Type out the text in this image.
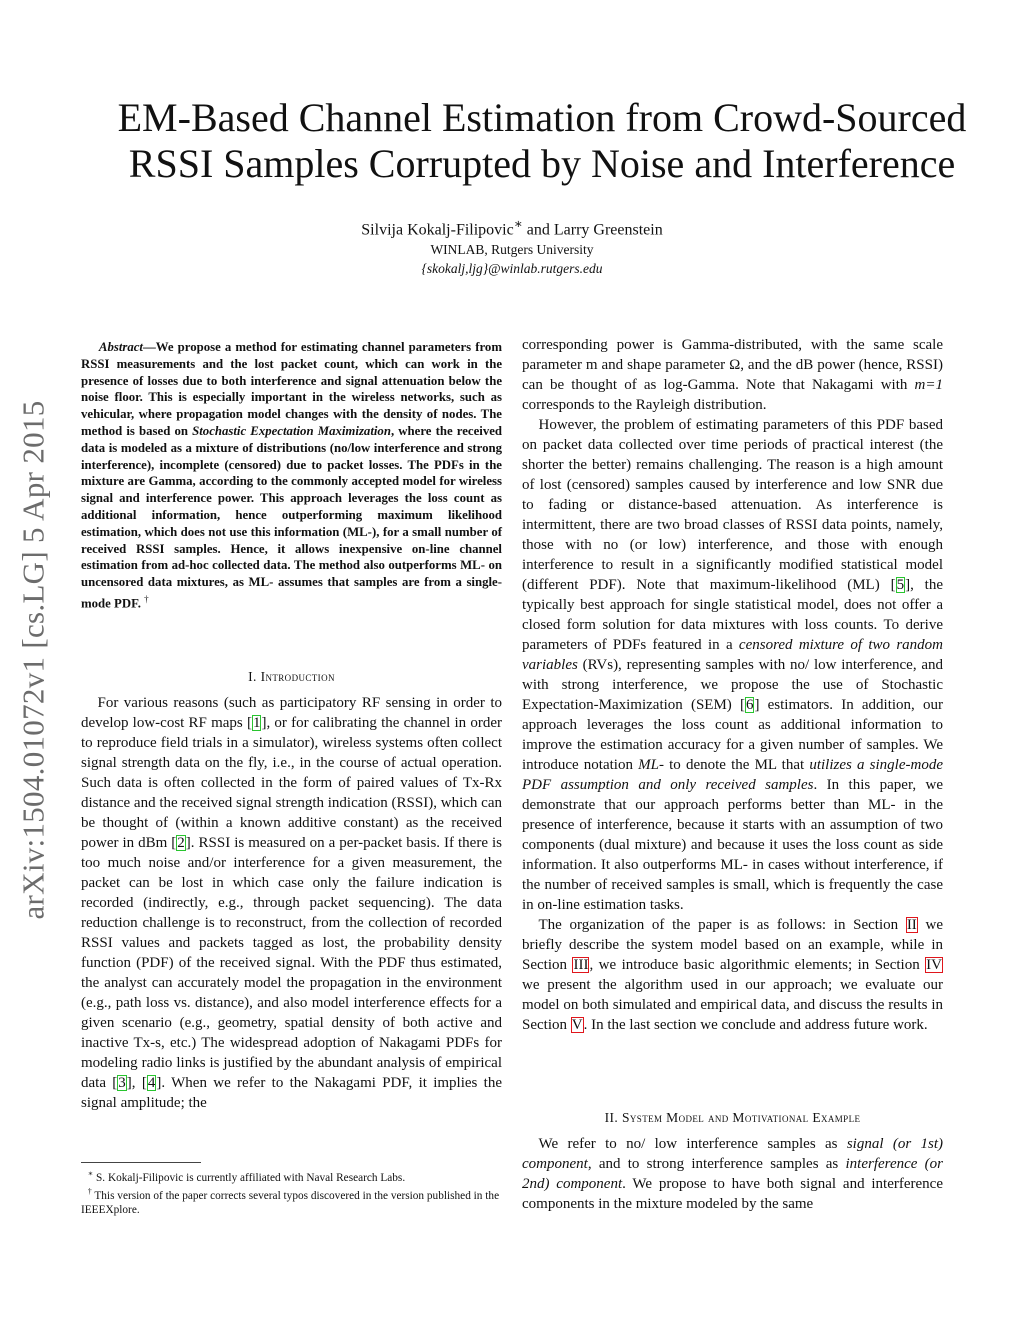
arXiv:1504.01072v1 [cs.LG] 5 Apr 2015
EM-Based Channel Estimation from Crowd-Sourced
RSSI Samples Corrupted by Noise and Interference
Silvija Kokalj-Filipovic∗ and Larry Greenstein
WINLAB, Rutgers University
{skokalj,ljg}@winlab.rutgers.edu

Abstract—We propose a method for estimating channel parameters from RSSI measurements and the lost packet count, which can work in the presence of losses due to both interference and signal attenuation below the noise floor. This is especially important in the wireless networks, such as vehicular, where propagation model changes with the density of nodes. The method is based on Stochastic Expectation Maximization, where the received data is modeled as a mixture of distributions (no/low interference and strong interference), incomplete (censored) due to packet losses. The PDFs in the mixture are Gamma, according to the commonly accepted model for wireless signal and interference power. This approach leverages the loss count as additional information, hence outperforming maximum likelihood estimation, which does not use this information (ML-), for a small number of received RSSI samples. Hence, it allows inexpensive on-line channel estimation from ad-hoc collected data. The method also outperforms ML- on uncensored data mixtures, as ML- assumes that samples are from a single-mode PDF. †

I. Introduction

For various reasons (such as participatory RF sensing in order to develop low-cost RF maps [1], or for calibrating the channel in order to reproduce field trials in a simulator), wireless systems often collect signal strength data on the fly, i.e., in the course of actual operation. Such data is often collected in the form of paired values of Tx-Rx distance and the received signal strength indication (RSSI), which can be thought of (within a known additive constant) as the received power in dBm [2]. RSSI is measured on a per-packet basis. If there is too much noise and/or interference for a given measurement, the packet can be lost in which case only the failure indication is recorded (indirectly, e.g., through packet sequencing). The data reduction challenge is to reconstruct, from the collection of recorded RSSI values and packets tagged as lost, the probability density function (PDF) of the received signal. With the PDF thus estimated, the analyst can accurately model the propagation in the environment (e.g., path loss vs. distance), and also model interference effects for a given scenario (e.g., geometry, spatial density of both active and inactive Tx-s, etc.) The widespread adoption of Nakagami PDFs for modeling radio links is justified by the abundant analysis of empirical data [3], [4]. When we refer to the Nakagami PDF, it implies the signal amplitude; the

∗ S. Kokalj-Filipovic is currently affiliated with Naval Research Labs.

† This version of the paper corrects several typos discovered in the version published in the IEEEXplore.

corresponding power is Gamma-distributed, with the same scale parameter m and shape parameter Ω, and the dB power (hence, RSSI) can be thought of as log-Gamma. Note that Nakagami with m=1 corresponds to the Rayleigh distribution.

However, the problem of estimating parameters of this PDF based on packet data collected over time periods of practical interest (the shorter the better) remains challenging. The reason is a high amount of lost (censored) samples caused by interference and low SNR due to fading or distance-based attenuation. As interference is intermittent, there are two broad classes of RSSI data points, namely, those with no (or low) interference, and those with enough interference to result in a significantly modified statistical model (different PDF). Note that maximum-likelihood (ML) [5], the typically best approach for single statistical model, does not offer a closed form solution for data mixtures with loss counts. To derive parameters of PDFs featured in a censored mixture of two random variables (RVs), representing samples with no/ low interference, and with strong interference, we propose the use of Stochastic Expectation-Maximization (SEM) [6] estimators. In addition, our approach leverages the loss count as additional information to improve the estimation accuracy for a given number of samples. We introduce notation ML- to denote the ML that utilizes a single-mode PDF assumption and only received samples. In this paper, we demonstrate that our approach performs better than ML- in the presence of interference, because it starts with an assumption of two components (dual mixture) and because it uses the loss count as side information. It also outperforms ML- in cases without interference, if the number of received samples is small, which is frequently the case in on-line estimation tasks.

The organization of the paper is as follows: in Section II we briefly describe the system model based on an example, while in Section III, we introduce basic algorithmic elements; in Section IV we present the algorithm used in our approach; we evaluate our model on both simulated and empirical data, and discuss the results in Section V. In the last section we conclude and address future work.

II. System Model and Motivational Example

We refer to no/ low interference samples as signal (or 1st) component, and to strong interference samples as interference (or 2nd) component. We propose to have both signal and interference components in the mixture modeled by the same
